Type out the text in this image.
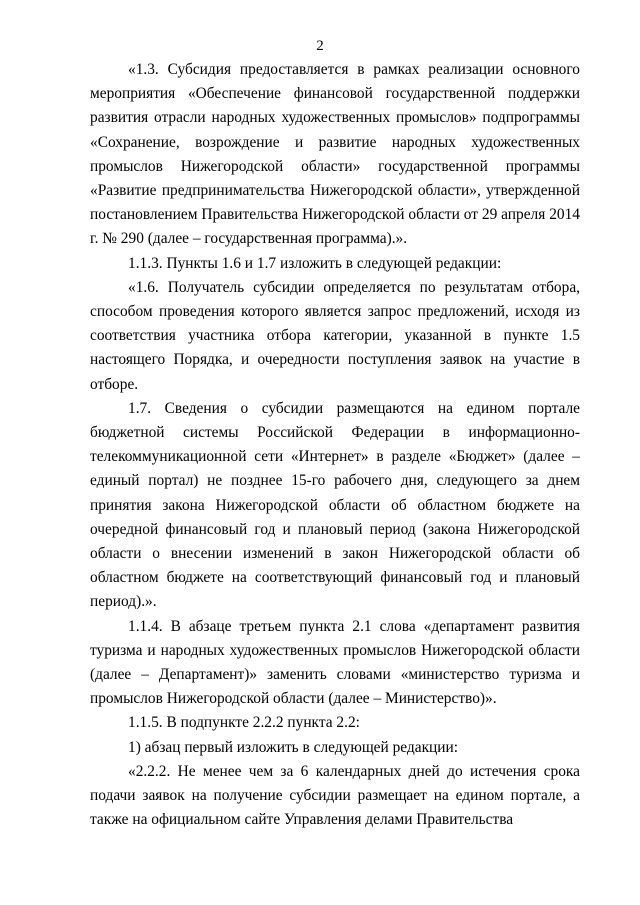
2

«1.3. Субсидия предоставляется в рамках реализации основного мероприятия «Обеспечение финансовой государственной поддержки развития отрасли народных художественных промыслов» подпрограммы «Сохранение, возрождение и развитие народных художественных промыслов Нижегородской области» государственной программы «Развитие предпринимательства Нижегородской области», утвержденной постановлением Правительства Нижегородской области от 29 апреля 2014 г. № 290 (далее – государственная программа).».

1.1.3. Пункты 1.6 и 1.7 изложить в следующей редакции:

«1.6. Получатель субсидии определяется по результатам отбора, способом проведения которого является запрос предложений, исходя из соответствия участника отбора категории, указанной в пункте 1.5 настоящего Порядка, и очередности поступления заявок на участие в отборе.

1.7. Сведения о субсидии размещаются на едином портале бюджетной системы Российской Федерации в информационно-телекоммуникационной сети «Интернет» в разделе «Бюджет» (далее – единый портал) не позднее 15-го рабочего дня, следующего за днем принятия закона Нижегородской области об областном бюджете на очередной финансовый год и плановый период (закона Нижегородской области о внесении изменений в закон Нижегородской области об областном бюджете на соответствующий финансовый год и плановый период).».

1.1.4. В абзаце третьем пункта 2.1 слова «департамент развития туризма и народных художественных промыслов Нижегородской области (далее – Департамент)» заменить словами «министерство туризма и промыслов Нижегородской области (далее – Министерство)».

1.1.5. В подпункте 2.2.2 пункта 2.2:

1) абзац первый изложить в следующей редакции:

«2.2.2. Не менее чем за 6 календарных дней до истечения срока подачи заявок на получение субсидии размещает на едином портале, а также на официальном сайте Управления делами Правительства
